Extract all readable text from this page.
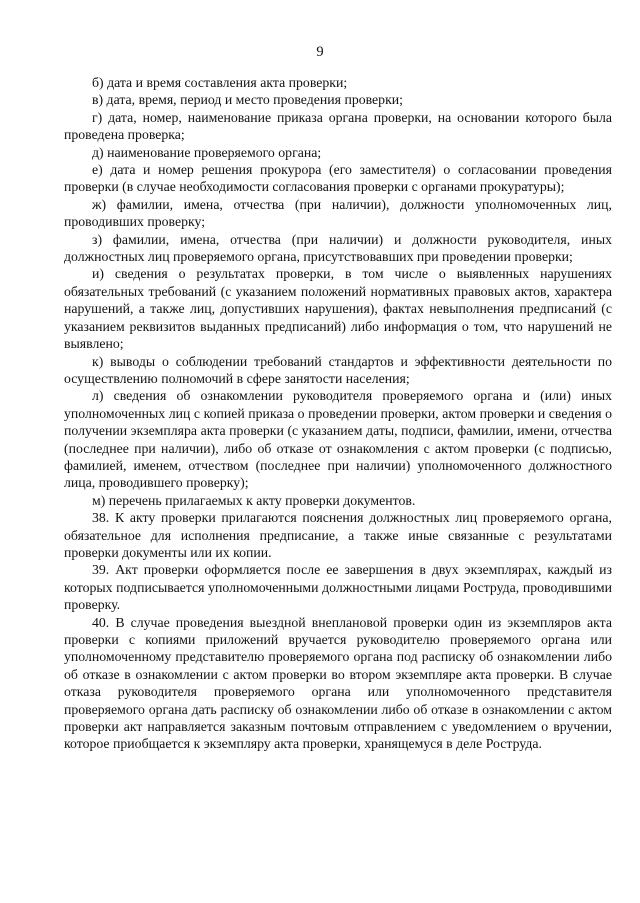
9

б) дата и время составления акта проверки;

в) дата, время, период и место проведения проверки;

г) дата, номер, наименование приказа органа проверки, на основании которого была проведена проверка;

д) наименование проверяемого органа;

е) дата и номер решения прокурора (его заместителя) о согласовании проведения проверки (в случае необходимости согласования проверки с органами прокуратуры);

ж) фамилии, имена, отчества (при наличии), должности уполномоченных лиц, проводивших проверку;

з) фамилии, имена, отчества (при наличии) и должности руководителя, иных должностных лиц проверяемого органа, присутствовавших при проведении проверки;

и) сведения о результатах проверки, в том числе о выявленных нарушениях обязательных требований (с указанием положений нормативных правовых актов, характера нарушений, а также лиц, допустивших нарушения), фактах невыполнения предписаний (с указанием реквизитов выданных предписаний) либо информация о том, что нарушений не выявлено;

к) выводы о соблюдении требований стандартов и эффективности деятельности по осуществлению полномочий в сфере занятости населения;

л) сведения об ознакомлении руководителя проверяемого органа и (или) иных уполномоченных лиц с копией приказа о проведении проверки, актом проверки и сведения о получении экземпляра акта проверки (с указанием даты, подписи, фамилии, имени, отчества (последнее при наличии), либо об отказе от ознакомления с актом проверки (с подписью, фамилией, именем, отчеством (последнее при наличии) уполномоченного должностного лица, проводившего проверку);

м) перечень прилагаемых к акту проверки документов.

38. К акту проверки прилагаются пояснения должностных лиц проверяемого органа, обязательное для исполнения предписание, а также иные связанные с результатами проверки документы или их копии.

39. Акт проверки оформляется после ее завершения в двух экземплярах, каждый из которых подписывается уполномоченными должностными лицами Роструда, проводившими проверку.

40. В случае проведения выездной внеплановой проверки один из экземпляров акта проверки с копиями приложений вручается руководителю проверяемого органа или уполномоченному представителю проверяемого органа под расписку об ознакомлении либо об отказе в ознакомлении с актом проверки во втором экземпляре акта проверки. В случае отказа руководителя проверяемого органа или уполномоченного представителя проверяемого органа дать расписку об ознакомлении либо об отказе в ознакомлении с актом проверки акт направляется заказным почтовым отправлением с уведомлением о вручении, которое приобщается к экземпляру акта проверки, хранящемуся в деле Роструда.
